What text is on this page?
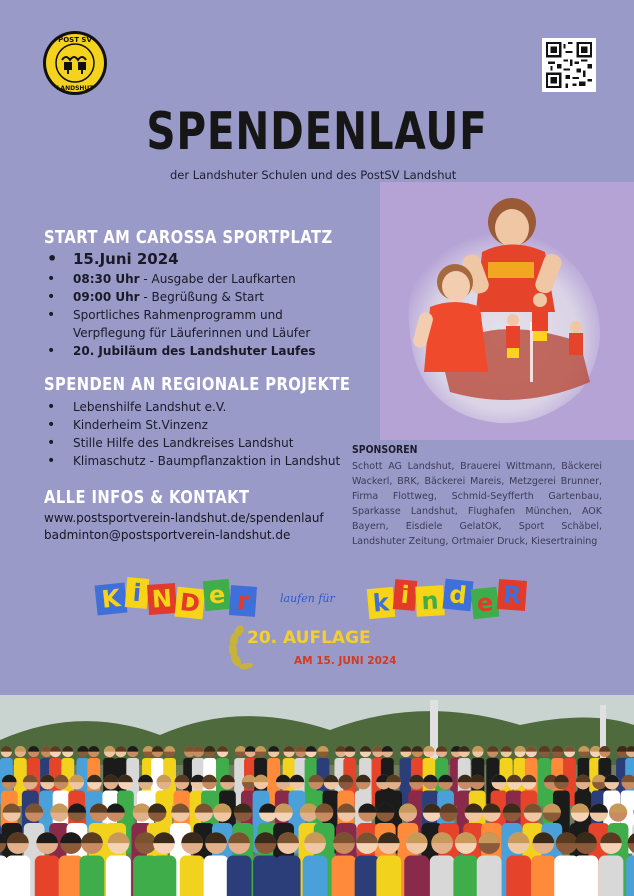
POST SV
LANDSHUT
SPENDENLAUF
der Landshuter Schulen und des PostSV Landshut
START AM CAROSSA SPORTPLATZ
• 15.Juni 2024
• 08:30 Uhr - Ausgabe der Laufkarten
• 09:00 Uhr - Begrüßung & Start
• Sportliches Rahmenprogramm und Verpflegung für Läuferinnen und Läufer
• 20. Jubiläum des Landshuter Laufes
SPENDEN AN REGIONALE PROJEKTE
• Lebenshilfe Landshut e.V.
• Kinderheim St.Vinzenz
• Stille Hilfe des Landkreises Landshut
• Klimaschutz - Baumpflanzaktion in Landshut
ALLE INFOS & KONTAKT
www.postsportverein-landshut.de/spendenlauf
badminton@postsportverein-landshut.de
SPONSOREN
Schott AG Landshut, Brauerei Wittmann, Bäckerei Wackerl, BRK, Bäckerei Mareis, Metzgerei Brunner, Firma Flottweg, Schmid-Seyfferth Gartenbau, Sparkasse Landshut, Flughafen München, AOK Bayern, Eisdiele GelatOK, Sport Schäbel, Landshuter Zeitung, Ortmaier Druck, Kiesertraining
K i N D e r	laufen für k i n d e R
20. AUFLAGE
AM 15. JUNI 2024
